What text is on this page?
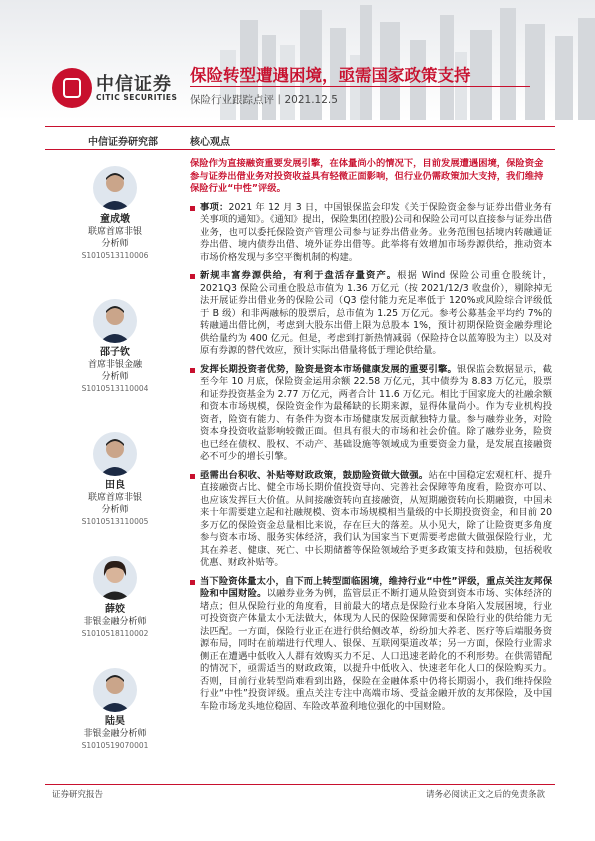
中信证券
CITIC SECURITIES
保险转型遭遇困境，亟需国家政策支持
保险行业跟踪点评丨2021.12.5
中信证券研究部	核心观点
童成墩
联席首席非银
分析师
S1010513110006
邵子钦
首席非银金融
分析师
S1010513110004
田良
联席首席非银
分析师
S1010513110005
薛姣
非银金融分析师
S1010518110002
陆昊
非银金融分析师
S1010519070001

保险作为直接融资重要发展引擎，在体量尚小的情况下，目前发展遭遇困境，保险资金参与证券出借业务对投资收益具有轻微正面影响，但行业仍需政策加大支持，我们维持保险行业“中性”评级。

事项：2021 年 12 月 3 日，中国银保监会印发《关于保险资金参与证券出借业务有关事项的通知》。《通知》提出，保险集团(控股)公司和保险公司可以直接参与证券出借业务，也可以委托保险资产管理公司参与证券出借业务。业务范围包括境内转融通证券出借、境内债券出借、境外证券出借等。此举将有效增加市场券源供给，推动资本市场价格发现与多空平衡机制的构建。

新规丰富券源供给，有利于盘活存量资产。根据 Wind 保险公司重仓股统计，2021Q3 保险公司重仓股总市值为 1.36 万亿元（按 2021/12/3 收盘价），剔除掉无法开展证券出借业务的保险公司（Q3 偿付能力充足率低于 120%或风险综合评级低于 B 级）和非两融标的股票后，总市值为 1.25 万亿元。参考公募基金平均约 7%的转融通出借比例，考虑到大股东出借上限为总股本 1%，预计初期保险资金融券理论供给量约为 400 亿元。但是，考虑到打新热情减弱（保险持仓以蓝筹股为主）以及对原有券源的替代效应，预计实际出借量将低于理论供给量。

发挥长期投资者优势，险资是资本市场健康发展的重要引擎。银保监会数据显示，截至今年 10 月底，保险资金运用余额 22.58 万亿元，其中债券为 8.83 万亿元，股票和证券投资基金为 2.77 万亿元，两者合计 11.6 万亿元。相比于国家庞大的社融余额和资本市场规模，保险资金作为最稀缺的长期来源，显得体量尚小。作为专业机构投资者，险资有能力、有条件为资本市场健康发展贡献独特力量。参与融券业务，对险资本身投资收益影响较微正面。但具有很大的市场和社会价值。除了融券业务，险资也已经在债权、股权、不动产、基础设施等领域成为重要资金力量，是发展直接融资必不可少的增长引擎。

亟需出台积收、补贴等财政政策，鼓励险资做大做强。站在中国稳定宏观杠杆、提升直接融资占比、健全市场长期价值投资导向、完善社会保障等角度看，险资亦可以、也应该发挥巨大价值。从间接融资转向直接融资，从短期融资转向长期融资，中国未来十年需要建立起和社融规模、资本市场规模相当量级的中长期投资资金，和目前 20 多万亿的保险资金总量相比来说，存在巨大的落差。从小见大，除了让险资更多角度参与资本市场、服务实体经济，我们认为国家当下更需要考虑做大做强保险行业，尤其在养老、健康、死亡、中长期储蓄等保险领域给予更多政策支持和鼓励，包括税收优惠、财政补贴等。

当下险资体量太小，自下而上转型面临困境，维持行业“中性”评级，重点关注友邦保险和中国财险。以融券业务为例，监管层正不断打通从险资到资本市场、实体经济的堵点；但从保险行业的角度看，目前最大的堵点是保险行业本身陷入发展困境，行业可投资资产体量太小无法做大，体现为人民的保险保障需要和保险行业的供给能力无法匹配。一方面，保险行业正在进行供给侧改革，纷纷加大养老、医疗等后端服务资源布局，同时在前端进行代理人、银保、互联网渠道改革；另一方面，保险行业需求侧正在遭遇中低收入人群有效购买力不足、人口迅速老龄化的不利形势。在供需错配的情况下，亟需适当的财政政策，以提升中低收入、快速老年化人口的保险购买力。否则，目前行业转型尚难看到出路，保险在金融体系中仍将长期弱小，我们维持保险行业“中性”投资评级。重点关注专注中高端市场、受益金融开放的友邦保险，及中国车险市场龙头地位稳固、车险改革盈利地位强化的中国财险。

证券研究报告	请务必阅读正文之后的免责条款
